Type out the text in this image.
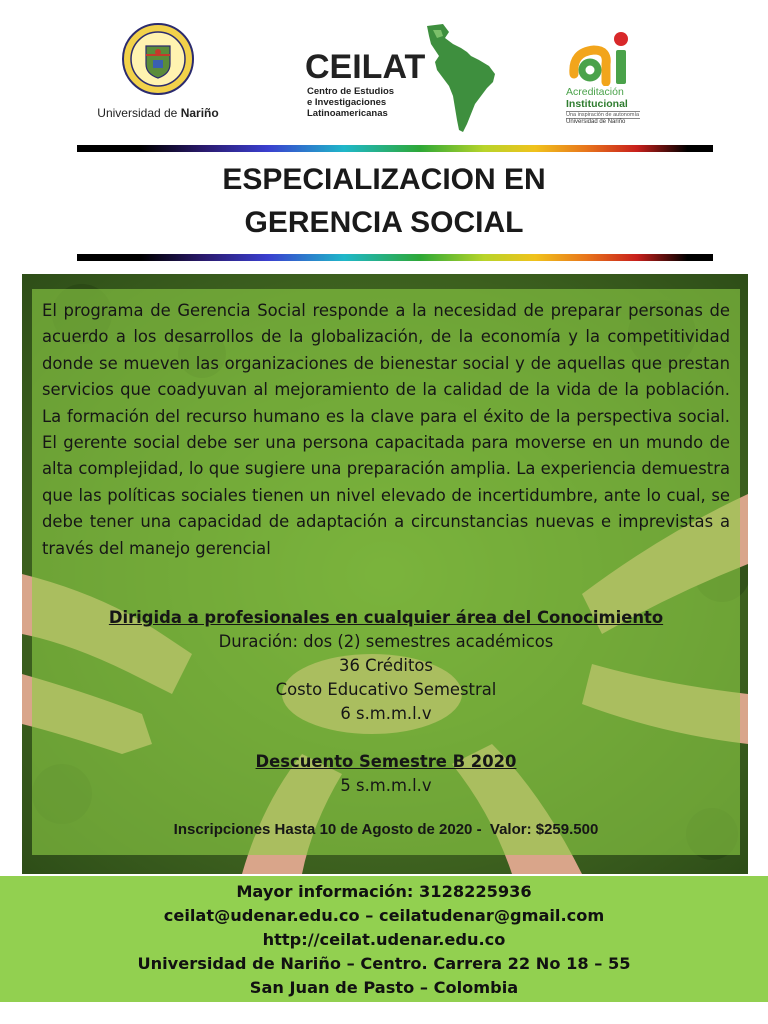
Universidad de Nariño
CEILAT
Centro de Estudios
e Investigaciones
Latinoamericanas
Acreditación
Institucional
Una inspiración de autonomía
Universidad de Nariño
ESPECIALIZACION EN
GERENCIA SOCIAL
El programa de Gerencia Social responde a la necesidad de preparar personas de acuerdo a los desarrollos de la globalización, de la economía y la competitividad donde se mueven las organizaciones de bienestar social y de aquellas que prestan servicios que coadyuvan al mejoramiento de la calidad de la vida de la población. La formación del recurso humano es la clave para el éxito de la perspectiva social. El gerente social debe ser una persona capacitada para moverse en un mundo de alta complejidad, lo que sugiere una preparación amplia. La experiencia demuestra que las políticas sociales tienen un nivel elevado de incertidumbre, ante lo cual, se debe tener una capacidad de adaptación a circunstancias nuevas e imprevistas a través del manejo gerencial
Dirigida a profesionales en cualquier área del Conocimiento
Duración: dos (2) semestres académicos
36 Créditos
Costo Educativo Semestral
6 s.m.m.l.v
Descuento Semestre B 2020
5 s.m.m.l.v
Inscripciones Hasta 10 de Agosto de 2020 -  Valor: $259.500
Mayor información: 3128225936
ceilat@udenar.edu.co – ceilatudenar@gmail.com
http://ceilat.udenar.edu.co
Universidad de Nariño – Centro. Carrera 22 No 18 – 55
San Juan de Pasto – Colombia
